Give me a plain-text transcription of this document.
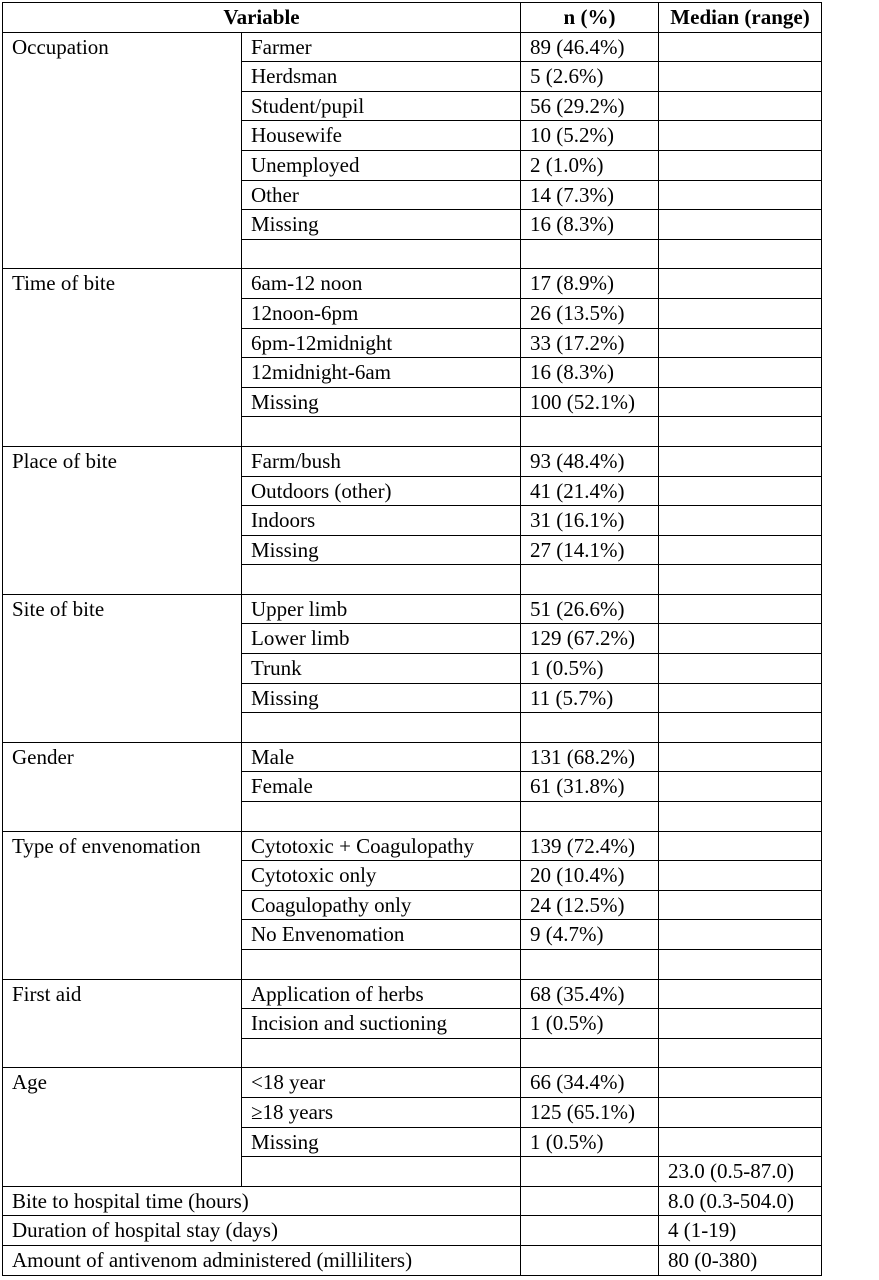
Variable		n (%)	Median (range)
Occupation	Farmer	89 (46.4%)	
	Herdsman	5 (2.6%)	
	Student/pupil	56 (29.2%)	
	Housewife	10 (5.2%)	
	Unemployed	2 (1.0%)	
	Other	14 (7.3%)	
	Missing	16 (8.3%)	

Time of bite	6am-12 noon	17 (8.9%)	
	12noon-6pm	26 (13.5%)	
	6pm-12midnight	33 (17.2%)	
	12midnight-6am	16 (8.3%)	
	Missing	100 (52.1%)	

Place of bite	Farm/bush	93 (48.4%)	
	Outdoors (other)	41 (21.4%)	
	Indoors	31 (16.1%)	
	Missing	27 (14.1%)	

Site of bite	Upper limb	51 (26.6%)	
	Lower limb	129 (67.2%)	
	Trunk	1 (0.5%)	
	Missing	11 (5.7%)	

Gender	Male	131 (68.2%)	
	Female	61 (31.8%)	

Type of envenomation	Cytotoxic + Coagulopathy	139 (72.4%)	
	Cytotoxic only	20 (10.4%)	
	Coagulopathy only	24 (12.5%)	
	No Envenomation	9 (4.7%)	

First aid	Application of herbs	68 (35.4%)	
	Incision and suctioning	1 (0.5%)	

Age	<18 year	66 (34.4%)	
	≥18 years	125 (65.1%)	
	Missing	1 (0.5%)	
			23.0 (0.5-87.0)
Bite to hospital time (hours)			8.0 (0.3-504.0)
Duration of hospital stay (days)			4 (1-19)
Amount of antivenom administered (milliliters)			80 (0-380)
